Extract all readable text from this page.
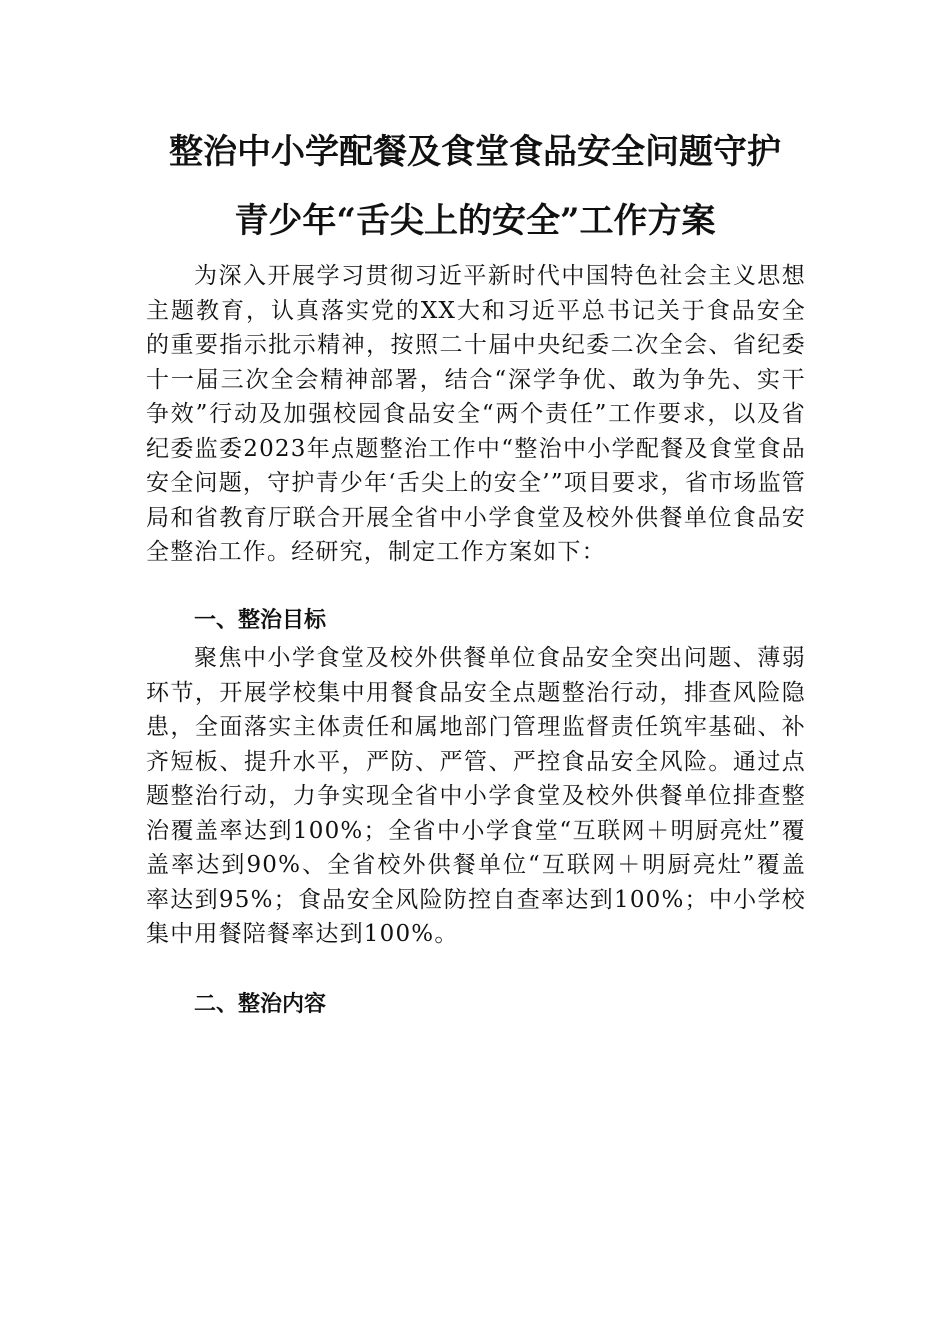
整治中小学配餐及食堂食品安全问题守护
青少年“舌尖上的安全”工作方案

为深入开展学习贯彻习近平新时代中国特色社会主义思想主题教育，认真落实党的XX大和习近平总书记关于食品安全的重要指示批示精神，按照二十届中央纪委二次全会、省纪委十一届三次全会精神部署，结合“深学争优、敢为争先、实干争效”行动及加强校园食品安全“两个责任”工作要求，以及省纪委监委2023年点题整治工作中“整治中小学配餐及食堂食品安全问题，守护青少年‘舌尖上的安全’”项目要求，省市场监管局和省教育厅联合开展全省中小学食堂及校外供餐单位食品安全整治工作。经研究，制定工作方案如下：

一、整治目标

聚焦中小学食堂及校外供餐单位食品安全突出问题、薄弱环节，开展学校集中用餐食品安全点题整治行动，排查风险隐患，全面落实主体责任和属地部门管理监督责任筑牢基础、补齐短板、提升水平，严防、严管、严控食品安全风险。通过点题整治行动，力争实现全省中小学食堂及校外供餐单位排查整治覆盖率达到100%；全省中小学食堂“互联网＋明厨亮灶”覆盖率达到90%、全省校外供餐单位“互联网＋明厨亮灶”覆盖率达到95%；食品安全风险防控自查率达到100%；中小学校集中用餐陪餐率达到100%。

二、整治内容
